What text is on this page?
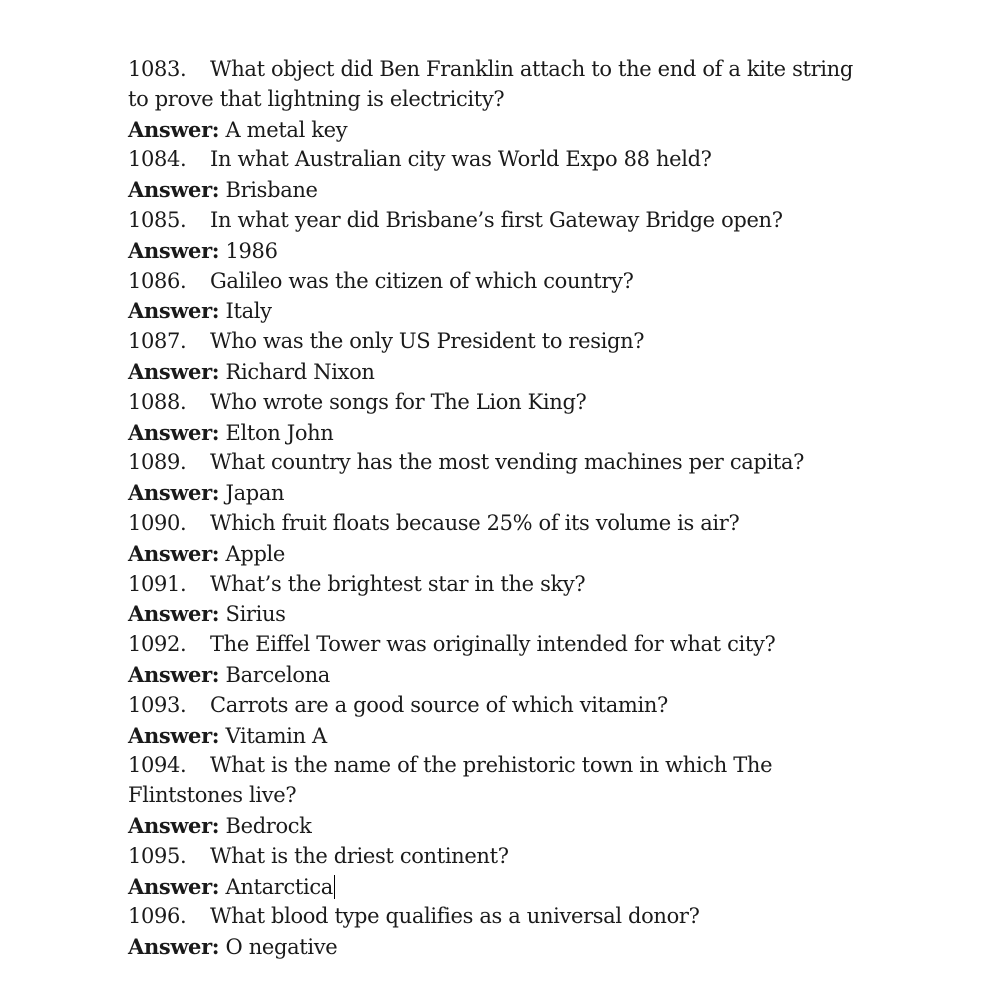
1083. What object did Ben Franklin attach to the end of a kite string to prove that lightning is electricity?

Answer: A metal key

1084. In what Australian city was World Expo 88 held?

Answer: Brisbane

1085. In what year did Brisbane’s first Gateway Bridge open?

Answer: 1986

1086. Galileo was the citizen of which country?

Answer: Italy

1087. Who was the only US President to resign?

Answer: Richard Nixon

1088. Who wrote songs for The Lion King?

Answer: Elton John

1089. What country has the most vending machines per capita?

Answer: Japan

1090. Which fruit floats because 25% of its volume is air?

Answer: Apple

1091. What’s the brightest star in the sky?

Answer: Sirius

1092. The Eiffel Tower was originally intended for what city?

Answer: Barcelona

1093. Carrots are a good source of which vitamin?

Answer: Vitamin A

1094. What is the name of the prehistoric town in which The Flintstones live?

Answer: Bedrock

1095. What is the driest continent?

Answer: Antarctica

1096. What blood type qualifies as a universal donor?

Answer: O negative
